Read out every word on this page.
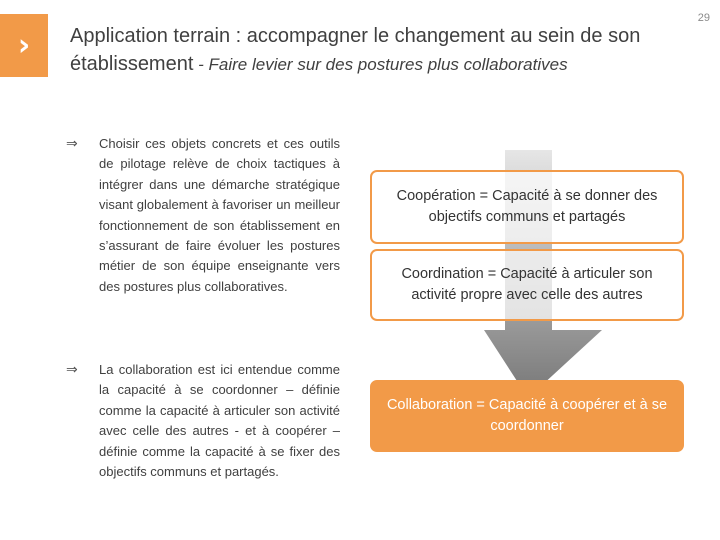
›
29
Application terrain : accompagner le changement au sein de son établissement - Faire levier sur des postures plus collaboratives
⇒ Choisir ces objets concrets et ces outils de pilotage relève de choix tactiques à intégrer dans une démarche stratégique visant globalement à favoriser un meilleur fonctionnement de son établissement en s’assurant de faire évoluer les postures métier de son équipe enseignante vers des postures plus collaboratives.
⇒ La collaboration est ici entendue comme la capacité à se coordonner – définie comme la capacité à articuler son activité avec celle des autres - et à coopérer – définie comme la capacité à se fixer des objectifs communs et partagés.
Coopération = Capacité à se donner des objectifs communs et partagés
Coordination = Capacité à articuler son activité propre avec celle des autres
Collaboration = Capacité à coopérer et à se coordonner
